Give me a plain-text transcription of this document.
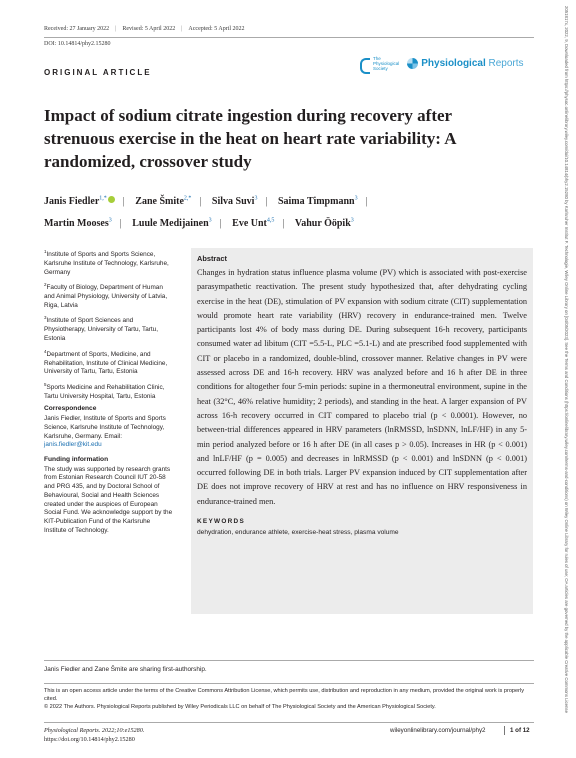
Received: 27 January 2022 | Revised: 5 April 2022 | Accepted: 5 April 2022
DOI: 10.14814/phy2.15280
ORIGINAL ARTICLE
The
Physiological
Society	Physiological Reports
Impact of sodium citrate ingestion during recovery after strenuous exercise in the heat on heart rate variability: A randomized, crossover study
Janis Fiedler$^{1,*}$ | Zane Šmite$^{2,*}$ | Silva Suvi$^3$ | Saima Timpmann$^3$ |
Martin Mooses$^3$ | Luule Medijainen$^3$ | Eve Unt$^{4,5}$ | Vahur Ööpik$^3$
$^1$Institute of Sports and Sports Science, Karlsruhe Institute of Technology, Karlsruhe, Germany
$^2$Faculty of Biology, Department of Human and Animal Physiology, University of Latvia, Riga, Latvia
$^3$Institute of Sport Sciences and Physiotherapy, University of Tartu, Tartu, Estonia
$^4$Department of Sports, Medicine, and Rehabilitation, Institute of Clinical Medicine, University of Tartu, Tartu, Estonia
$^5$Sports Medicine and Rehabilitation Clinic, Tartu University Hospital, Tartu, Estonia
Correspondence
Janis Fiedler, Institute of Sports and Sports Science, Karlsruhe Institute of Technology, Karlsruhe, Germany. Email: janis.fiedler@kit.edu
Funding information
The study was supported by research grants from Estonian Research Council IUT 20-58 and PRG 435, and by Doctoral School of Behavioural, Social and Health Sciences created under the auspices of European Social Fund. We acknowledge support by the KIT-Publication Fund of the Karlsruhe Institute of Technology.
Abstract
Changes in hydration status influence plasma volume (PV) which is associated with post-exercise parasympathetic reactivation. The present study hypothesized that, after dehydrating cycling exercise in the heat (DE), stimulation of PV expansion with sodium citrate (CIT) supplementation would promote heart rate variability (HRV) recovery in endurance-trained men. Twelve participants lost 4% of body mass during DE. During subsequent 16-h recovery, participants consumed water ad libitum (CIT =5.5-L, PLC =5.1-L) and ate prescribed food supplemented with CIT or placebo in a randomized, double-blind, crossover manner. Relative changes in PV were assessed across DE and 16-h recovery. HRV was analyzed before and 16 h after DE in three conditions for altogether four 5-min periods: supine in a thermoneutral environment, supine in the heat (32°C, 46% relative humidity; 2 periods), and standing in the heat. A larger expansion of PV across 16-h recovery occurred in CIT compared to placebo trial (p < 0.0001). However, no between-trial differences appeared in HRV parameters (lnRMSSD, lnSDNN, lnLF/HF) in any 5-min period analyzed before or 16 h after DE (in all cases p > 0.05). Increases in HR (p < 0.001) and lnLF/HF (p = 0.005) and decreases in lnRMSSD (p < 0.001) and lnSDNN (p < 0.001) occurred following DE in both trials. Larger PV expansion induced by CIT supplementation after DE does not improve recovery of HRV at rest and has no influence on HRV responsiveness in endurance-trained men.
KEYWORDS
dehydration, endurance athlete, exercise-heat stress, plasma volume
Janis Fiedler and Zane Šmite are sharing first-authorship.
This is an open access article under the terms of the Creative Commons Attribution License, which permits use, distribution and reproduction in any medium, provided the original work is properly cited.
© 2022 The Authors. Physiological Reports published by Wiley Periodicals LLC on behalf of The Physiological Society and the American Physiological Society.
Physiological Reports. 2022;10:e15280.
https://doi.org/10.14814/phy2.15280
wileyonlinelibrary.com/journal/phy2	1 of 12
2051817x, 2022, 9, Downloaded from https://physoc.onlinelibrary.wiley.com/doi/10.14814/phy2.15280 by Karlsruher Institut F. Technologie, Wiley Online Library on [04/05/2023]. See the Terms and Conditions (https://onlinelibrary.wiley.com/terms-and-conditions) on Wiley Online Library for rules of use; OA articles are governed by the applicable Creative Commons License
